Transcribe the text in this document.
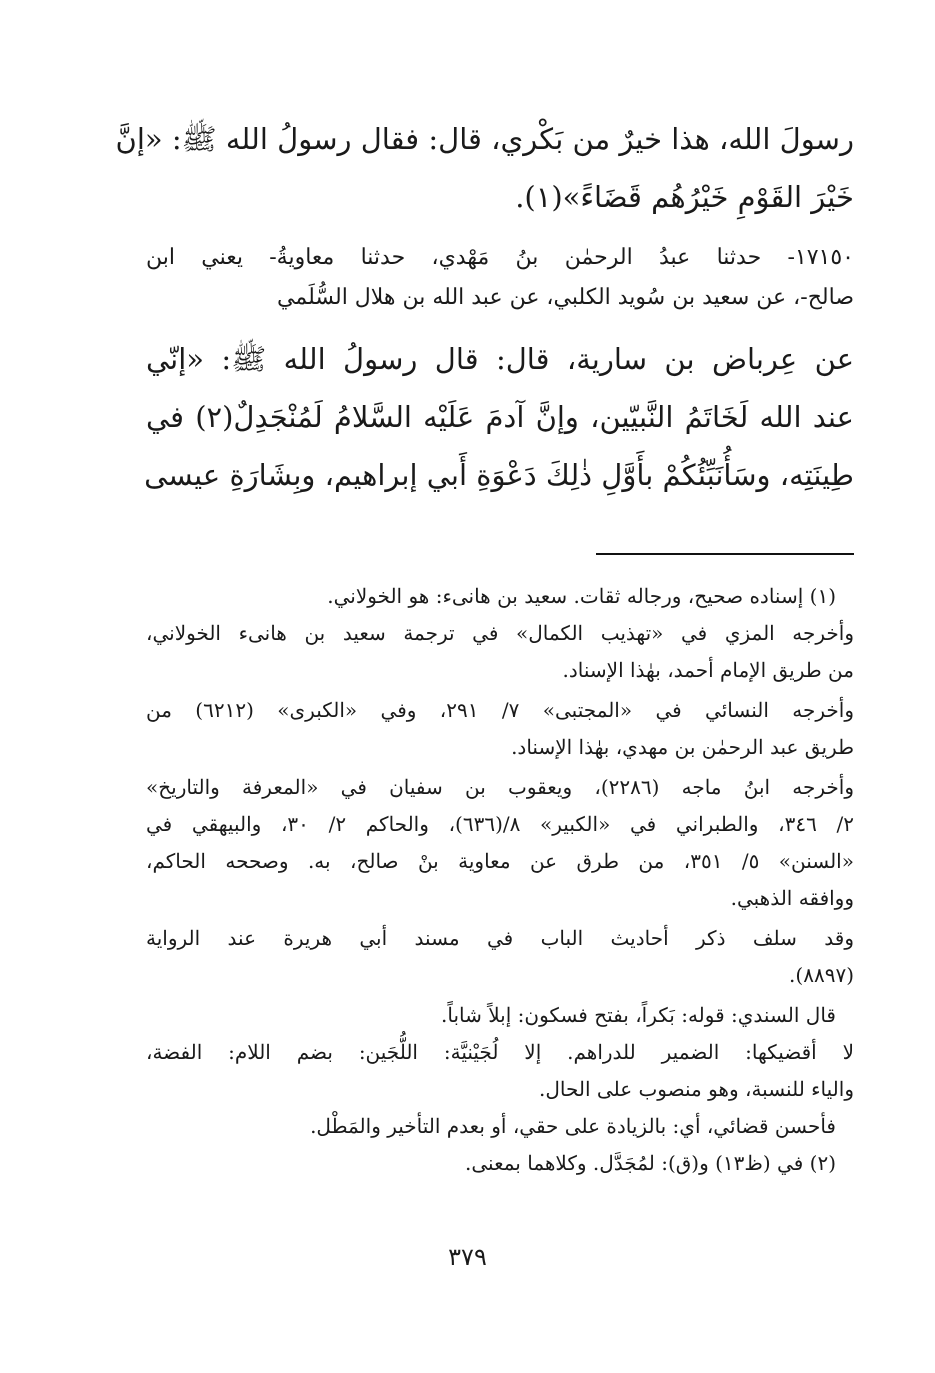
رسولَ الله، هذا خيرٌ من بَكْري، قال: فقال رسولُ الله ﷺ: «إنَّ
خَيْرَ القَوْمِ خَيْرُهُم قَضَاءً»(١).
١٧١٥٠- حدثنا عبدُ الرحمٰن بنُ مَهْدي، حدثنا معاويةُ- يعني ابن
صالح-، عن سعيد بن سُويد الكلبي، عن عبد الله بن هلال السُّلَمي
عن عِرباض بن سارية، قال: قال رسولُ الله ﷺ: «إنّي
عند الله لَخَاتَمُ النَّبيّين، وإنَّ آدمَ عَلَيْه السَّلامُ لَمُنْجَدِلٌ(٢) في
طِينَتِه، وسَأُنَبِّئُكُمْ بأَوَّلِ ذٰلِكَ دَعْوَةِ أَبي إبراهيم، وبِشَارَةِ عيسى
(١) إسناده صحيح، ورجاله ثقات. سعيد بن هانىء: هو الخولاني.
وأخرجه المزي في «تهذيب الكمال» في ترجمة سعيد بن هانىء الخولاني،
من طريق الإمام أحمد، بهٰذا الإسناد.
وأخرجه النسائي في «المجتبى» ٧/ ٢٩١، وفي «الكبرى» (٦٢١٢) من
طريق عبد الرحمٰن بن مهدي، بهٰذا الإسناد.
وأخرجه ابنُ ماجه (٢٢٨٦)، ويعقوب بن سفيان في «المعرفة والتاريخ»
٢/ ٣٤٦، والطبراني في «الكبير» ٨/(٦٣٦)، والحاكم ٢/ ٣٠، والبيهقي في
«السنن» ٥/ ٣٥١، من طرق عن معاوية بنْ صالح، به. وصححه الحاكم،
ووافقه الذهبي.
وقد سلف ذكر أحاديث الباب في مسند أبي هريرة عند الرواية
(٨٨٩٧).
قال السندي: قوله: بَكراً، بفتح فسكون: إبلاً شاباً.
لا أقضيكها: الضمير للدراهم. إلا لُجَيْنيَّة: اللُّجَين: بضم اللام: الفضة،
والياء للنسبة، وهو منصوب على الحال.
فأحسن قضائي، أي: بالزيادة على حقي، أو بعدم التأخير والمَطْل.
(٢) في (ظ١٣) و(ق): لمُجَدَّل. وكلاهما بمعنى.
٣٧٩
